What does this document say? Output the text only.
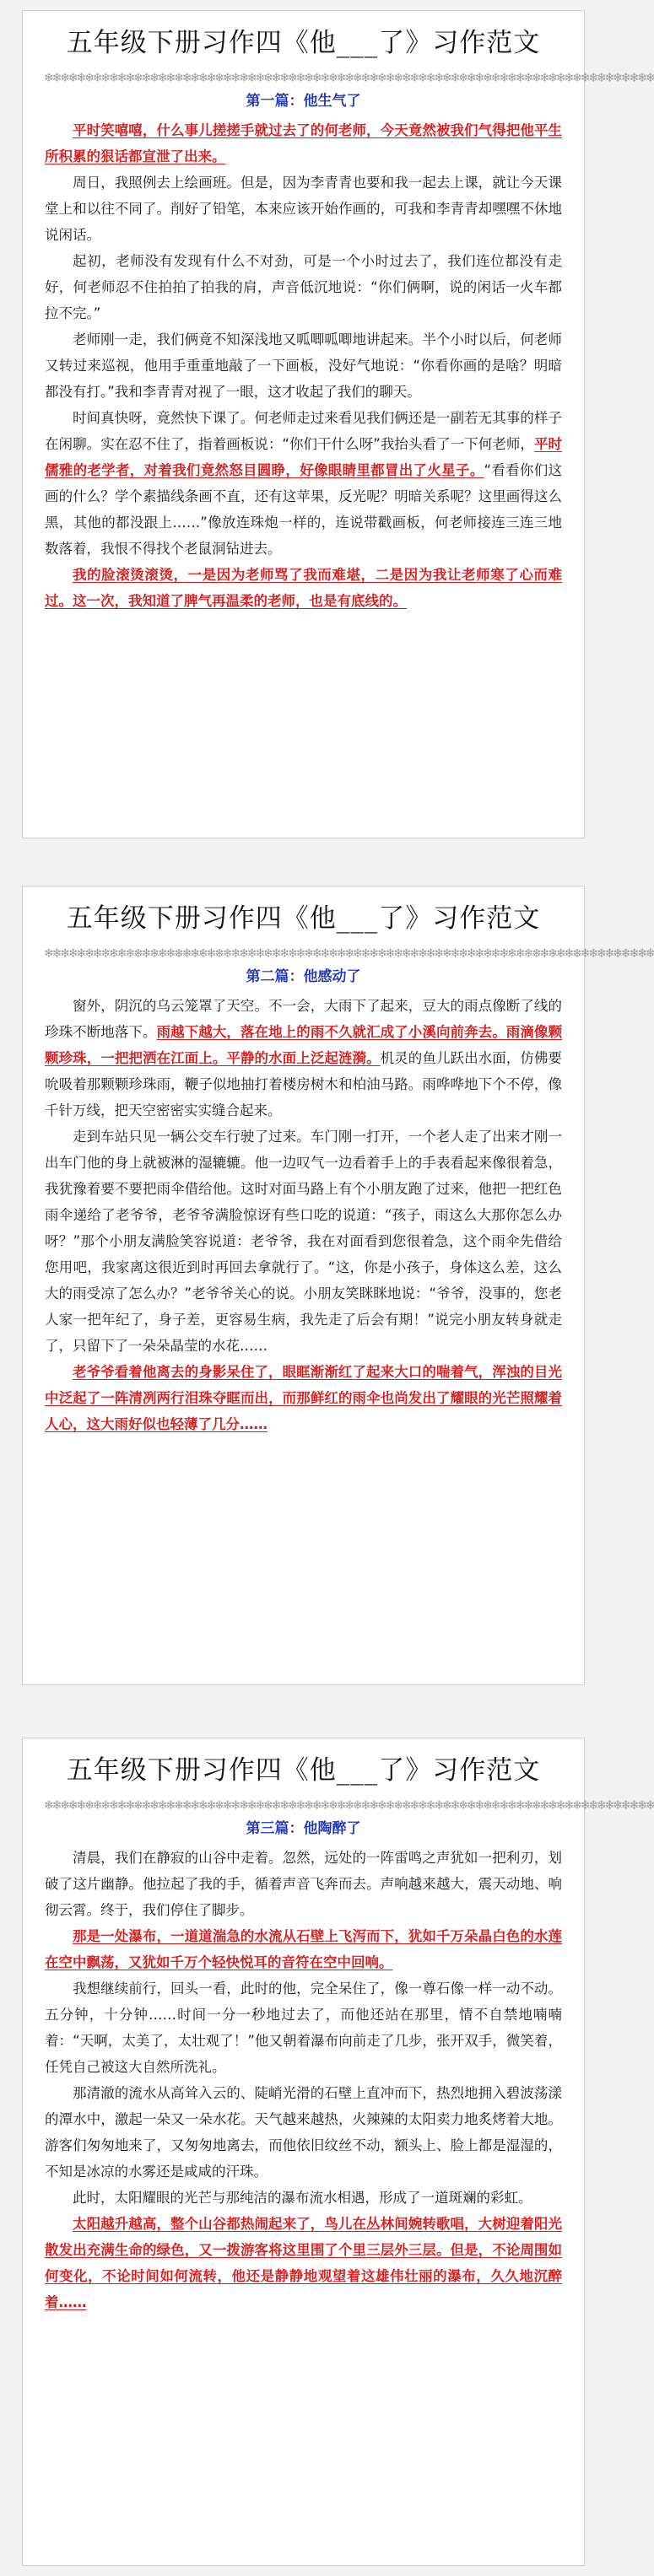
五年级下册习作四《他___了》习作范文
❄❄❄❄❄❄❄❄❄❄❄❄❄❄❄❄❄❄❄❄❄❄❄❄❄❄❄❄❄❄❄❄❄❄❄❄❄❄❄❄❄❄❄❄❄❄❄❄❄❄❄❄❄❄❄❄❄❄❄❄❄❄❄❄❄❄❄❄❄❄❄❄❄❄❄
第一篇：他生气了

平时笑嘻嘻，什么事儿搓搓手就过去了的何老师，今天竟然被我们气得把他平生所积累的狠话都宣泄了出来。

周日，我照例去上绘画班。但是，因为李青青也要和我一起去上课，就让今天课堂上和以往不同了。削好了铅笔，本来应该开始作画的，可我和李青青却嘿嘿不休地说闲话。

起初，老师没有发现有什么不对劲，可是一个小时过去了，我们连位都没有走好，何老师忍不住拍拍了拍我的肩，声音低沉地说：“你们俩啊，说的闲话一火车都拉不完。”

老师刚一走，我们俩竟不知深浅地又呱唧呱唧地讲起来。半个小时以后，何老师又转过来巡视，他用手重重地敲了一下画板，没好气地说：“你看你画的是啥？明暗都没有打。”我和李青青对视了一眼，这才收起了我们的聊天。

时间真快呀，竟然快下课了。何老师走过来看见我们俩还是一副若无其事的样子在闲聊。实在忍不住了，指着画板说：“你们干什么呀”我抬头看了一下何老师，平时儒雅的老学者，对着我们竟然怒目圆睁，好像眼睛里都冒出了火星子。“看看你们这画的什么？学个素描线条画不直，还有这苹果，反光呢？明暗关系呢？这里画得这么黑，其他的都没跟上……”像放连珠炮一样的，连说带戳画板，何老师接连三连三地数落着，我恨不得找个老鼠洞钻进去。

我的脸滚烫滚烫，一是因为老师骂了我而难堪，二是因为我让老师寒了心而难过。这一次，我知道了脾气再温柔的老师，也是有底线的。

五年级下册习作四《他___了》习作范文
❄❄❄❄❄❄❄❄❄❄❄❄❄❄❄❄❄❄❄❄❄❄❄❄❄❄❄❄❄❄❄❄❄❄❄❄❄❄❄❄❄❄❄❄❄❄❄❄❄❄❄❄❄❄❄❄❄❄❄❄❄❄❄❄❄❄❄❄❄❄❄❄❄❄❄
第二篇：他感动了

窗外，阴沉的乌云笼罩了天空。不一会，大雨下了起来，豆大的雨点像断了线的珍珠不断地落下。雨越下越大，落在地上的雨不久就汇成了小溪向前奔去。雨滴像颗颗珍珠，一把把洒在江面上。平静的水面上泛起涟漪。机灵的鱼儿跃出水面，仿佛要吮吸着那颗颗珍珠雨，鞭子似地抽打着楼房树木和柏油马路。雨哗哗地下个不停，像千针万线，把天空密密实实缝合起来。

走到车站只见一辆公交车行驶了过来。车门刚一打开，一个老人走了出来才刚一出车门他的身上就被淋的湿辘辘。他一边叹气一边看着手上的手表看起来像很着急，我犹豫着要不要把雨伞借给他。这时对面马路上有个小朋友跑了过来，他把一把红色雨伞递给了老爷爷，老爷爷满脸惊讶有些口吃的说道：“孩子，雨这么大那你怎么办呀？”那个小朋友满脸笑容说道：老爷爷，我在对面看到您很着急，这个雨伞先借给您用吧，我家离这很近到时再回去拿就行了。“这，你是小孩子，身体这么差，这么大的雨受凉了怎么办？”老爷爷关心的说。小朋友笑眯眯地说：“爷爷，没事的，您老人家一把年纪了，身子差，更容易生病，我先走了后会有期！”说完小朋友转身就走了，只留下了一朵朵晶莹的水花……

老爷爷看着他离去的身影呆住了，眼眶渐渐红了起来大口的喘着气，浑浊的目光中泛起了一阵清冽两行泪珠夺眶而出，而那鲜红的雨伞也尚发出了耀眼的光芒照耀着人心，这大雨好似也轻薄了几分……

五年级下册习作四《他___了》习作范文
❄❄❄❄❄❄❄❄❄❄❄❄❄❄❄❄❄❄❄❄❄❄❄❄❄❄❄❄❄❄❄❄❄❄❄❄❄❄❄❄❄❄❄❄❄❄❄❄❄❄❄❄❄❄❄❄❄❄❄❄❄❄❄❄❄❄❄❄❄❄❄❄❄❄❄
第三篇：他陶醉了

清晨，我们在静寂的山谷中走着。忽然，远处的一阵雷鸣之声犹如一把利刃，划破了这片幽静。他拉起了我的手，循着声音飞奔而去。声响越来越大，震天动地、响彻云霄。终于，我们停住了脚步。

那是一处瀑布，一道道湍急的水流从石壁上飞泻而下，犹如千万朵晶白色的水莲在空中飘荡，又犹如千万个轻快悦耳的音符在空中回响。

我想继续前行，回头一看，此时的他，完全呆住了，像一尊石像一样一动不动。五分钟，十分钟……时间一分一秒地过去了，而他还站在那里，情不自禁地喃喃着：“天啊，太美了，太壮观了！”他又朝着瀑布向前走了几步，张开双手，微笑着，任凭自己被这大自然所洗礼。

那清澈的流水从高耸入云的、陡峭光滑的石壁上直冲而下，热烈地拥入碧波荡漾的潭水中，激起一朵又一朵水花。天气越来越热，火辣辣的太阳卖力地炙烤着大地。游客们匆匆地来了，又匆匆地离去，而他依旧纹丝不动，额头上、脸上都是湿湿的，不知是冰凉的水雾还是咸咸的汗珠。

此时，太阳耀眼的光芒与那纯洁的瀑布流水相遇，形成了一道斑斓的彩虹。

太阳越升越高，整个山谷都热闹起来了，鸟儿在丛林间婉转歌唱，大树迎着阳光散发出充满生命的绿色，又一拨游客将这里围了个里三层外三层。但是，不论周围如何变化，不论时间如何流转，他还是静静地观望着这雄伟壮丽的瀑布，久久地沉醉着……
